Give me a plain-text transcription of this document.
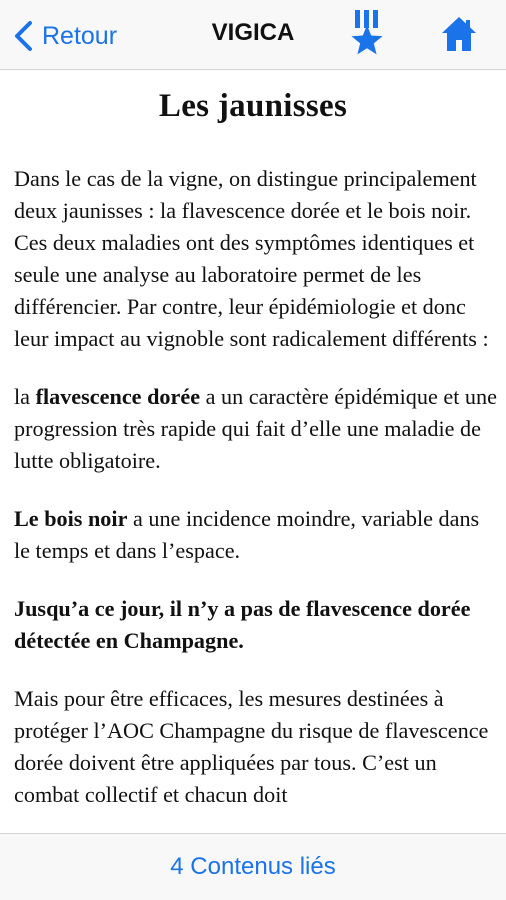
Retour	VIGICA
Les jaunisses

Dans le cas de la vigne, on distingue principalement deux jaunisses : la flavescence dorée et le bois noir. Ces deux maladies ont des symptômes identiques et seule une analyse au laboratoire permet de les différencier. Par contre, leur épidémiologie et donc leur impact au vignoble sont radicalement différents :

la flavescence dorée a un caractère épidémique et une progression très rapide qui fait d’elle une maladie de lutte obligatoire.

Le bois noir a une incidence moindre, variable dans le temps et dans l’espace.

Jusqu’a ce jour, il n’y a pas de flavescence dorée détectée en Champagne.

Mais pour être efficaces, les mesures destinées à protéger l’AOC Champagne du risque de flavescence dorée doivent être appliquées par tous. C’est un combat collectif et chacun doit

4 Contenus liés
